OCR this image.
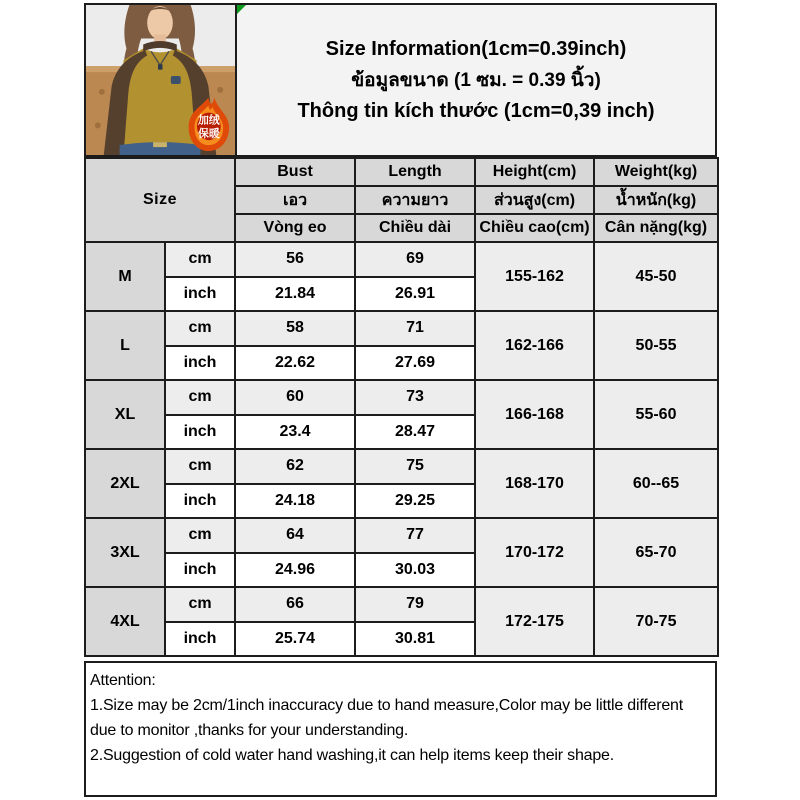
加绒
保暖
Size Information(1cm=0.39inch)
ข้อมูลขนาด (1 ซม. = 0.39 นิ้ว)
Thông tin kích thước (1cm=0,39 inch)
Size		Bust	Length	Height(cm)	Weight(kg)
		เอว	ความยาว	ส่วนสูง(cm)	น้ำหนัก(kg)
		Vòng eo	Chiều dài	Chiều cao(cm)	Cân nặng(kg)
M	cm	56	69	155-162	45-50
	inch	21.84	26.91		
L	cm	58	71	162-166	50-55
	inch	22.62	27.69		
XL	cm	60	73	166-168	55-60
	inch	23.4	28.47		
2XL	cm	62	75	168-170	60--65
	inch	24.18	29.25		
3XL	cm	64	77	170-172	65-70
	inch	24.96	30.03		
4XL	cm	66	79	172-175	70-75
	inch	25.74	30.81		
Attention:
1.Size may be 2cm/1inch inaccuracy due to hand measure,Color may be little different
due to monitor ,thanks for your understanding.
2.Suggestion of cold water hand washing,it can help items keep their shape.
